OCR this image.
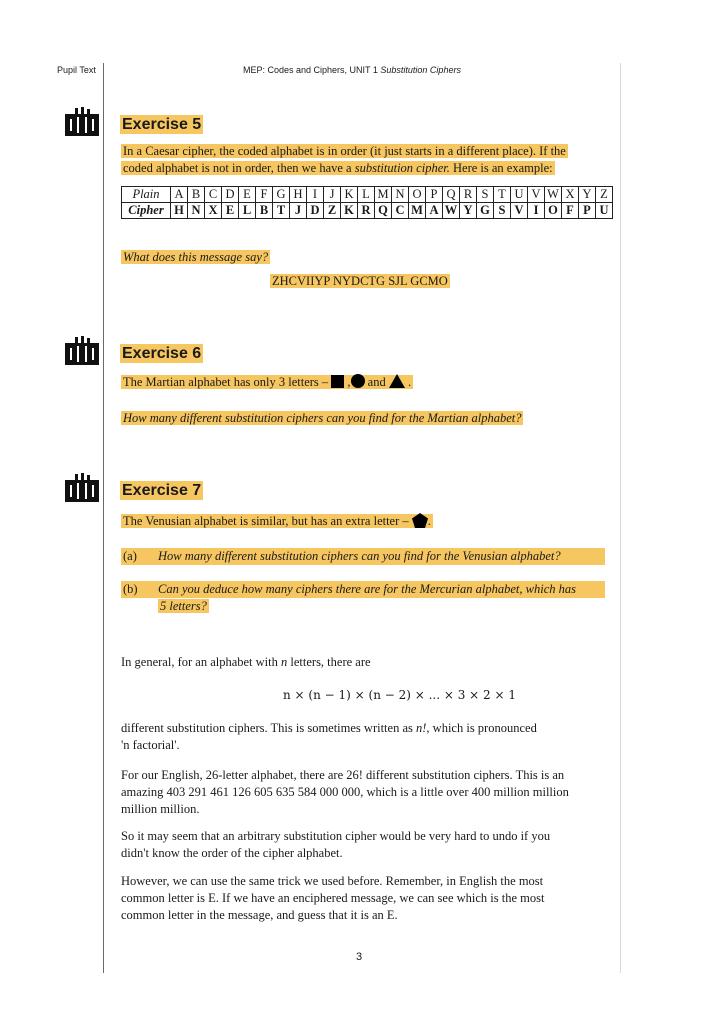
Pupil Text	MEP: Codes and Ciphers, UNIT 1 Substitution Ciphers
Exercise 5
In a Caesar cipher, the coded alphabet is in order (it just starts in a different place). If the
coded alphabet is not in order, then we have a substitution cipher. Here is an example:
Plain	A	B	C	D	E	F	G	H	I	J	K	L	M	N	O	P	Q	R	S	T	U	V	W	X	Y	Z
Cipher	H	N	X	E	L	B	T	J	D	Z	K	R	Q	C	M	A	W	Y	G	S	V	I	O	F	P	U
What does this message say?
ZHCVIIYP NYDCTG SJL GCMO
Exercise 6
The Martian alphabet has only 3 letters – , and .
How many different substitution ciphers can you find for the Martian alphabet?
Exercise 7
The Venusian alphabet is similar, but has an extra letter – .
(a) How many different substitution ciphers can you find for the Venusian alphabet?
(b) Can you deduce how many ciphers there are for the Mercurian alphabet, which has
5 letters?
In general, for an alphabet with n letters, there are
n × (n − 1) × (n − 2) × ... × 3 × 2 × 1
different substitution ciphers. This is sometimes written as n!, which is pronounced
'n factorial'.
For our English, 26-letter alphabet, there are 26! different substitution ciphers. This is an
amazing 403 291 461 126 605 635 584 000 000, which is a little over 400 million million
million million.
So it may seem that an arbitrary substitution cipher would be very hard to undo if you
didn't know the order of the cipher alphabet.
However, we can use the same trick we used before. Remember, in English the most
common letter is E. If we have an enciphered message, we can see which is the most
common letter in the message, and guess that it is an E.
3
